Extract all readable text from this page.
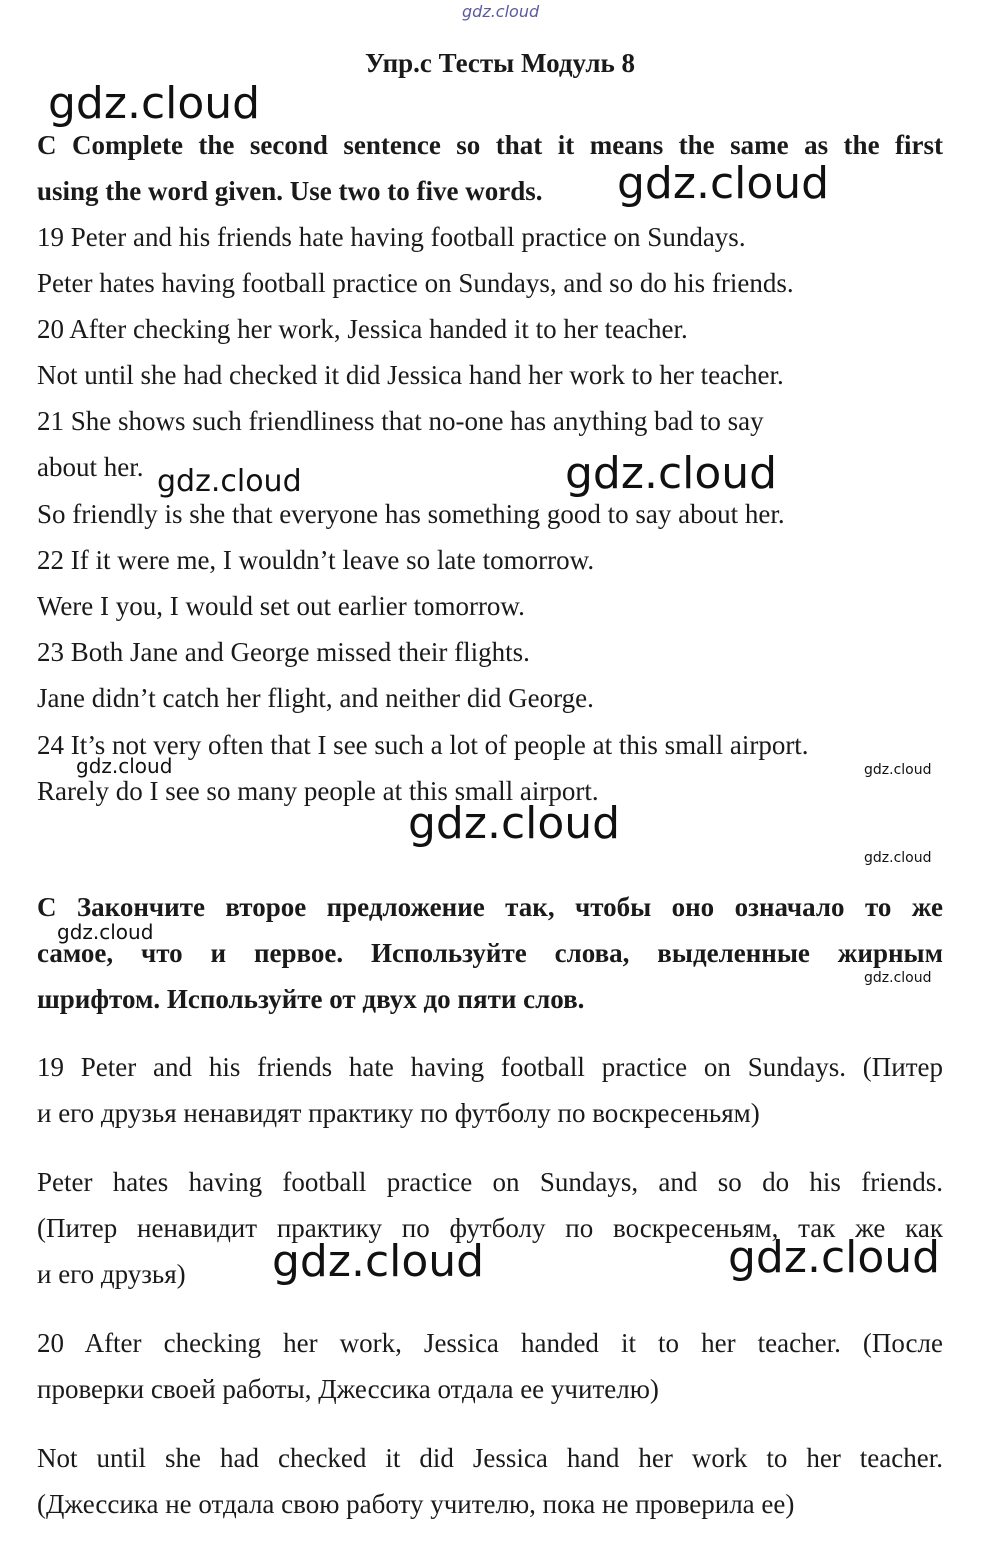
gdz.cloud
Упр.с Тесты Модуль 8
C Complete the second sentence so that it means the same as the first
using the word given. Use two to five words.
19 Peter and his friends hate having football practice on Sundays.
Peter hates having football practice on Sundays, and so do his friends.
20 After checking her work, Jessica handed it to her teacher.
Not until she had checked it did Jessica hand her work to her teacher.
21 She shows such friendliness that no-one has anything bad to say
about her.
So friendly is she that everyone has something good to say about her.
22 If it were me, I wouldn’t leave so late tomorrow.
Were I you, I would set out earlier tomorrow.
23 Both Jane and George missed their flights.
Jane didn’t catch her flight, and neither did George.
24 It’s not very often that I see such a lot of people at this small airport.
Rarely do I see so many people at this small airport.
С Закончите второе предложение так, чтобы оно означало то же
самое, что и первое. Используйте слова, выделенные жирным
шрифтом. Используйте от двух до пяти слов.
19 Peter and his friends hate having football practice on Sundays. (Питер
и его друзья ненавидят практику по футболу по воскресеньям)
Peter hates having football practice on Sundays, and so do his friends.
(Питер ненавидит практику по футболу по воскресеньям, так же как
и его друзья)
20 After checking her work, Jessica handed it to her teacher. (После
проверки своей работы, Джессика отдала ее учителю)
Not until she had checked it did Jessica hand her work to her teacher.
(Джессика не отдала свою работу учителю, пока не проверила ее)
gdz.cloud
gdz.cloud
gdz.cloud	gdz.cloud
gdz.cloud	gdz.cloud
gdz.cloud
gdz.cloud
gdz.cloud
gdz.cloud
gdz.cloud	gdz.cloud
